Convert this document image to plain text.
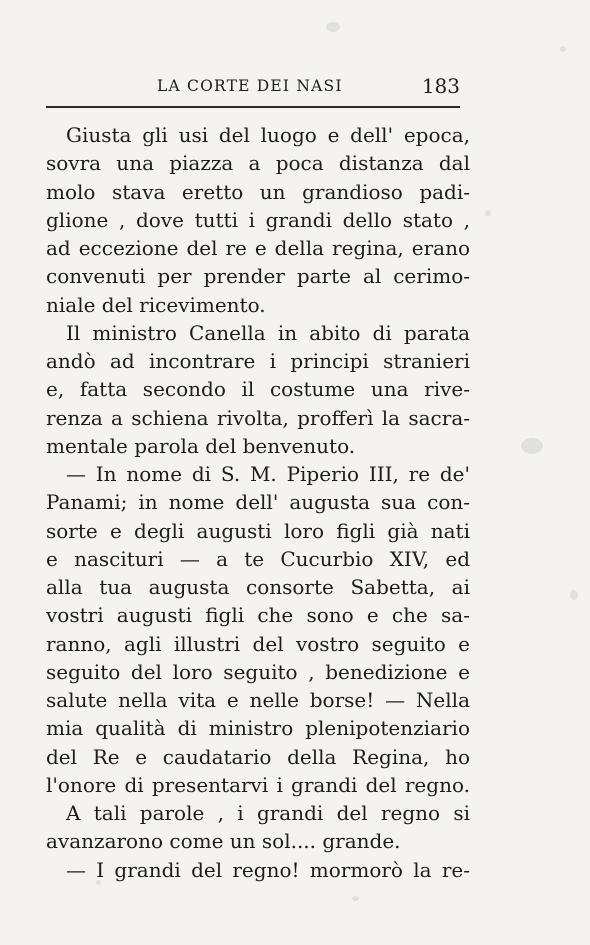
LA CORTE DEI NASI	183
Giusta gli usi del luogo e dell' epoca,
sovra una piazza a poca distanza dal
molo stava eretto un grandioso padi-
glione , dove tutti i grandi dello stato ,
ad eccezione del re e della regina, erano
convenuti per prender parte al cerimo-
niale del ricevimento.
Il ministro Canella in abito di parata
andò ad incontrare i principi stranieri
e, fatta secondo il costume una rive-
renza a schiena rivolta, profferì la sacra-
mentale parola del benvenuto.
— In nome di S. M. Piperio III, re de'
Panami; in nome dell' augusta sua con-
sorte e degli augusti loro figli già nati
e nascituri — a te Cucurbio XIV, ed
alla tua augusta consorte Sabetta, ai
vostri augusti figli che sono e che sa-
ranno, agli illustri del vostro seguito e
seguito del loro seguito , benedizione e
salute nella vita e nelle borse! — Nella
mia qualità di ministro plenipotenziario
del Re e caudatario della Regina, ho
l'onore di presentarvi i grandi del regno.
A tali parole , i grandi del regno si
avanzarono come un sol.... grande.
— I grandi del regno! mormorò la re-
